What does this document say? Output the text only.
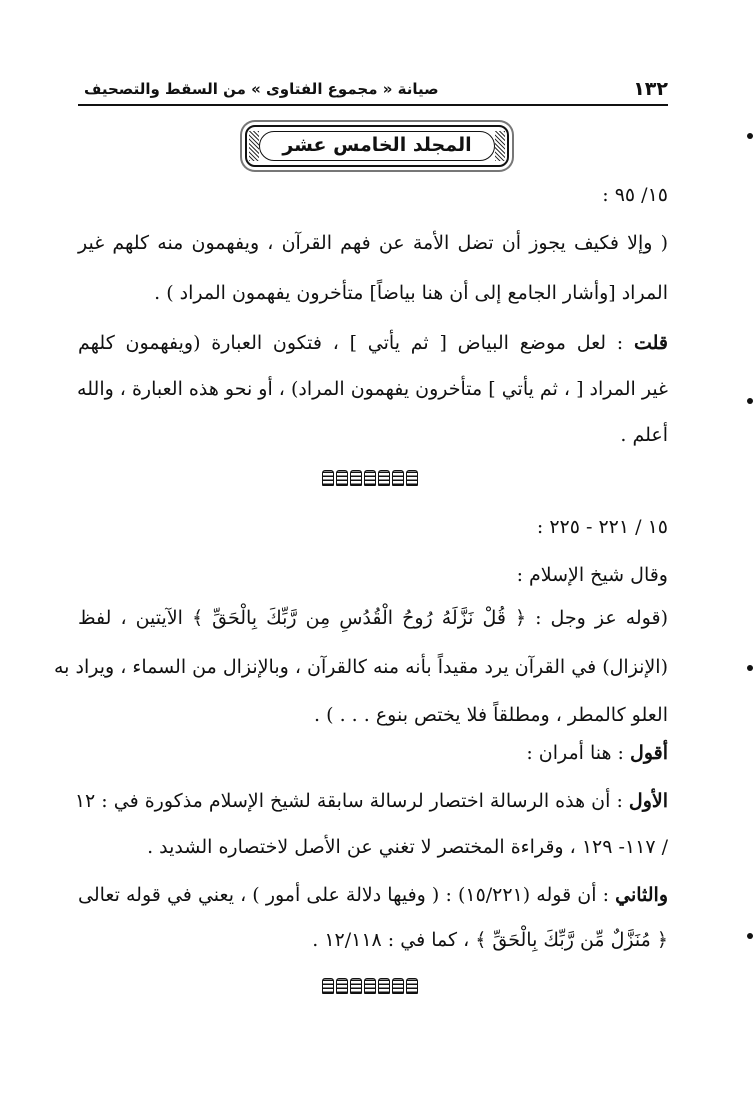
١٣٢
صيانة « مجموع الفتاوى » من السقط والتصحيف
المجلد الخامس عشر
١٥/ ٩٥ :
( وإلا فكيف يجوز أن تضل الأمة عن فهم القرآن ، ويفهمون منه كلهم غير
المراد [وأشار الجامع إلى أن هنا بياضاً] متأخرون يفهمون المراد ) .
قلت : لعل موضع البياض [ ثم يأتي ] ، فتكون العبارة (ويفهمون كلهم
غير المراد [ ، ثم يأتي ] متأخرون يفهمون المراد) ، أو نحو هذه العبارة ، والله
أعلم .
١٥ / ٢٢١ - ٢٢٥ :
وقال شيخ الإسلام :
(قوله عز وجل : ﴿ قُلْ نَزَّلَهُ رُوحُ الْقُدُسِ مِن رَّبِّكَ بِالْحَقِّ ﴾ الآيتين ، لفظ
(الإنزال) في القرآن يرد مقيداً بأنه منه كالقرآن ، وبالإنزال من السماء ، ويراد به
العلو كالمطر ، ومطلقاً فلا يختص بنوع . . . ) .
أقول : هنا أمران :
الأول : أن هذه الرسالة اختصار لرسالة سابقة لشيخ الإسلام مذكورة في : ١٢
/ ١١٧- ١٢٩ ، وقراءة المختصر لا تغني عن الأصل لاختصاره الشديد .
والثاني : أن قوله (١٥/٢٢١) : ( وفيها دلالة على أمور ) ، يعني في قوله تعالى
﴿ مُنَزَّلٌ مِّن رَّبِّكَ بِالْحَقِّ ﴾ ، كما في : ١٢/١١٨ .
